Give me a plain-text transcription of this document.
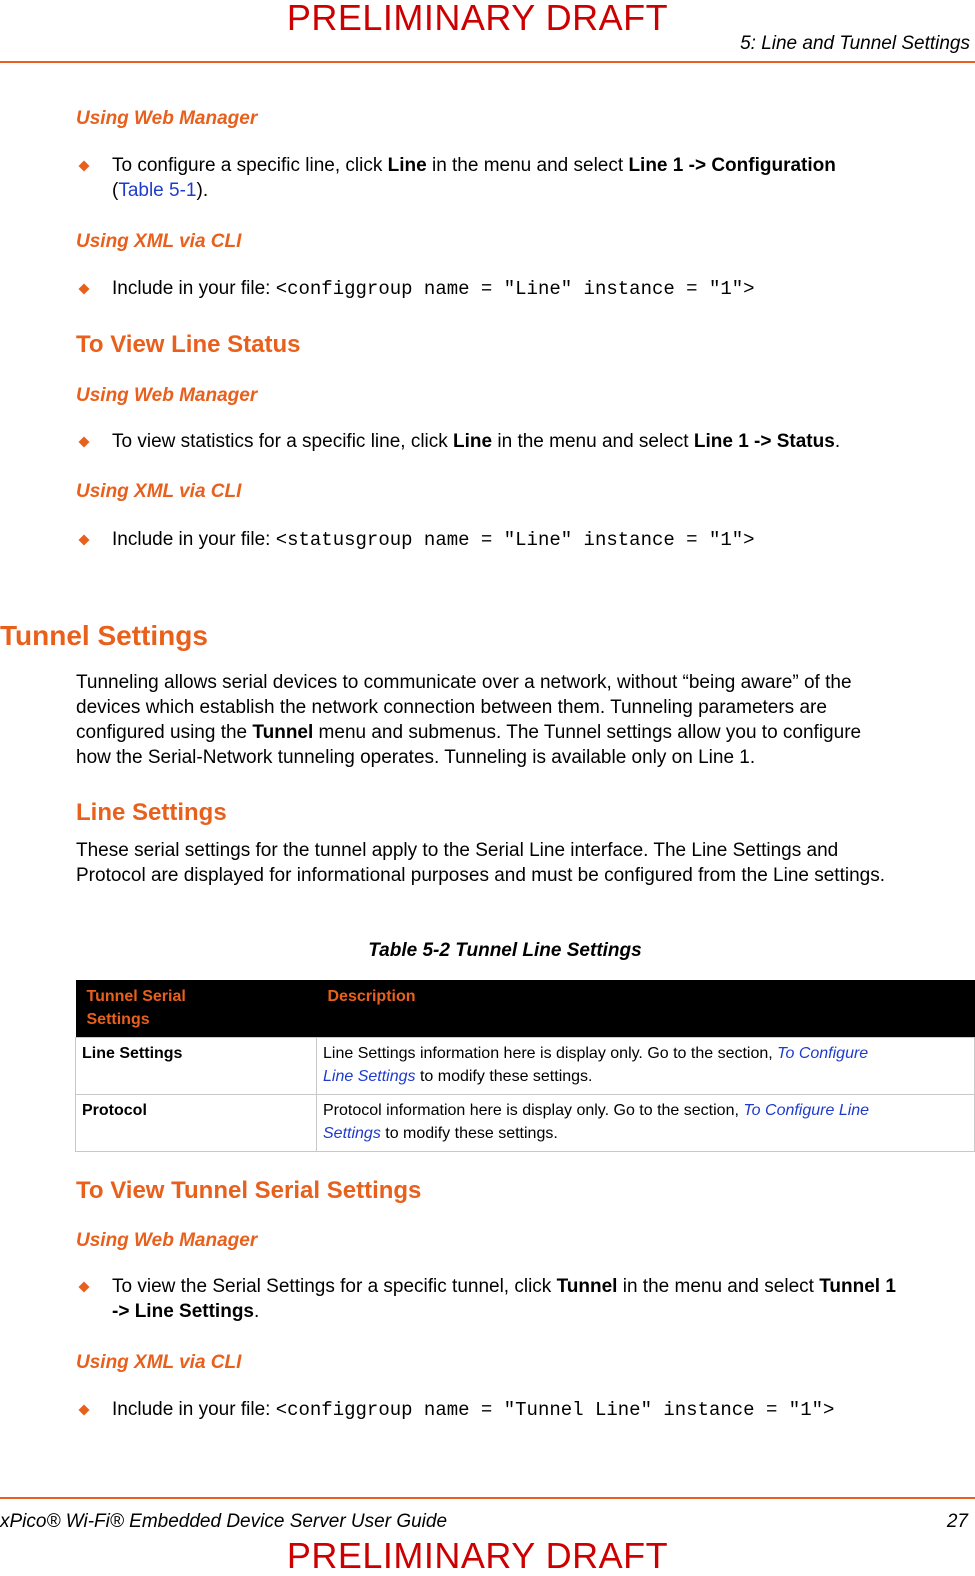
PRELIMINARY DRAFT
5: Line and Tunnel Settings
Using Web Manager
To configure a specific line, click Line in the menu and select Line 1 -> Configuration
(Table 5-1).
Using XML via CLI
Include in your file: <configgroup name = "Line" instance = "1">
To View Line Status
Using Web Manager
To view statistics for a specific line, click Line in the menu and select Line 1 -> Status.
Using XML via CLI
Include in your file: <statusgroup name = "Line" instance = "1">
Tunnel Settings
Tunneling allows serial devices to communicate over a network, without “being aware” of the
devices which establish the network connection between them. Tunneling parameters are
configured using the Tunnel menu and submenus. The Tunnel settings allow you to configure
how the Serial-Network tunneling operates. Tunneling is available only on Line 1.
Line Settings
These serial settings for the tunnel apply to the Serial Line interface. The Line Settings and
Protocol are displayed for informational purposes and must be configured from the Line settings.
Table 5-2 Tunnel Line Settings
Tunnel Serial
Settings	Description
Line Settings	Line Settings information here is display only. Go to the section, To Configure
Line Settings to modify these settings.
Protocol	Protocol information here is display only. Go to the section, To Configure Line
Settings to modify these settings.
To View Tunnel Serial Settings
Using Web Manager
To view the Serial Settings for a specific tunnel, click Tunnel in the menu and select Tunnel 1
-> Line Settings.
Using XML via CLI
Include in your file: <configgroup name = "Tunnel Line" instance = "1">
xPico® Wi-Fi® Embedded Device Server User Guide	27
PRELIMINARY DRAFT
